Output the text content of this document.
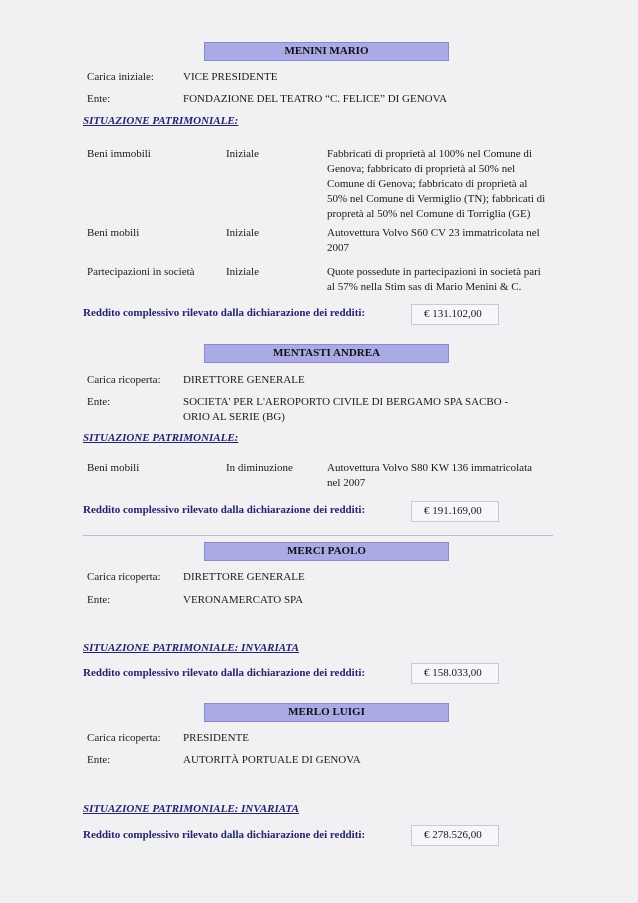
MENINI MARIO
Carica iniziale:	VICE PRESIDENTE
Ente:	FONDAZIONE DEL TEATRO “C. FELICE” DI GENOVA
SITUAZIONE PATRIMONIALE:
Beni immobili	Iniziale	Fabbricati di proprietà al 100% nel Comune di
Genova; fabbricato di proprietà al 50% nel
Comune di Genova; fabbricato di proprietà al
50% nel Comune di Vermiglio (TN); fabbricati di
propretà al 50% nel Comune di Torriglia (GE)
Beni mobili	Iniziale	Autovettura Volvo S60 CV 23 immatricolata nel
2007
Partecipazioni in società	Iniziale	Quote possedute in partecipazioni in società pari
al 57% nella Stim sas di Mario Menini & C.
Reddito complessivo rilevato dalla dichiarazione dei redditi:	€ 131.102,00
MENTASTI ANDREA
Carica ricoperta: DIRETTORE GENERALE
Ente:	SOCIETA' PER L'AEROPORTO CIVILE DI BERGAMO SPA SACBO -
ORIO AL SERIE (BG)
SITUAZIONE PATRIMONIALE:
Beni mobili	In diminuzione	Autovettura Volvo S80 KW 136 immatricolata
nel 2007
Reddito complessivo rilevato dalla dichiarazione dei redditi:	€ 191.169,00
MERCI PAOLO
Carica ricoperta: DIRETTORE GENERALE
Ente:	VERONAMERCATO SPA
SITUAZIONE PATRIMONIALE: INVARIATA
Reddito complessivo rilevato dalla dichiarazione dei redditi:	€ 158.033,00
MERLO LUIGI
Carica ricoperta: PRESIDENTE
Ente:	AUTORITÀ PORTUALE DI GENOVA
SITUAZIONE PATRIMONIALE: INVARIATA
Reddito complessivo rilevato dalla dichiarazione dei redditi:	€ 278.526,00
